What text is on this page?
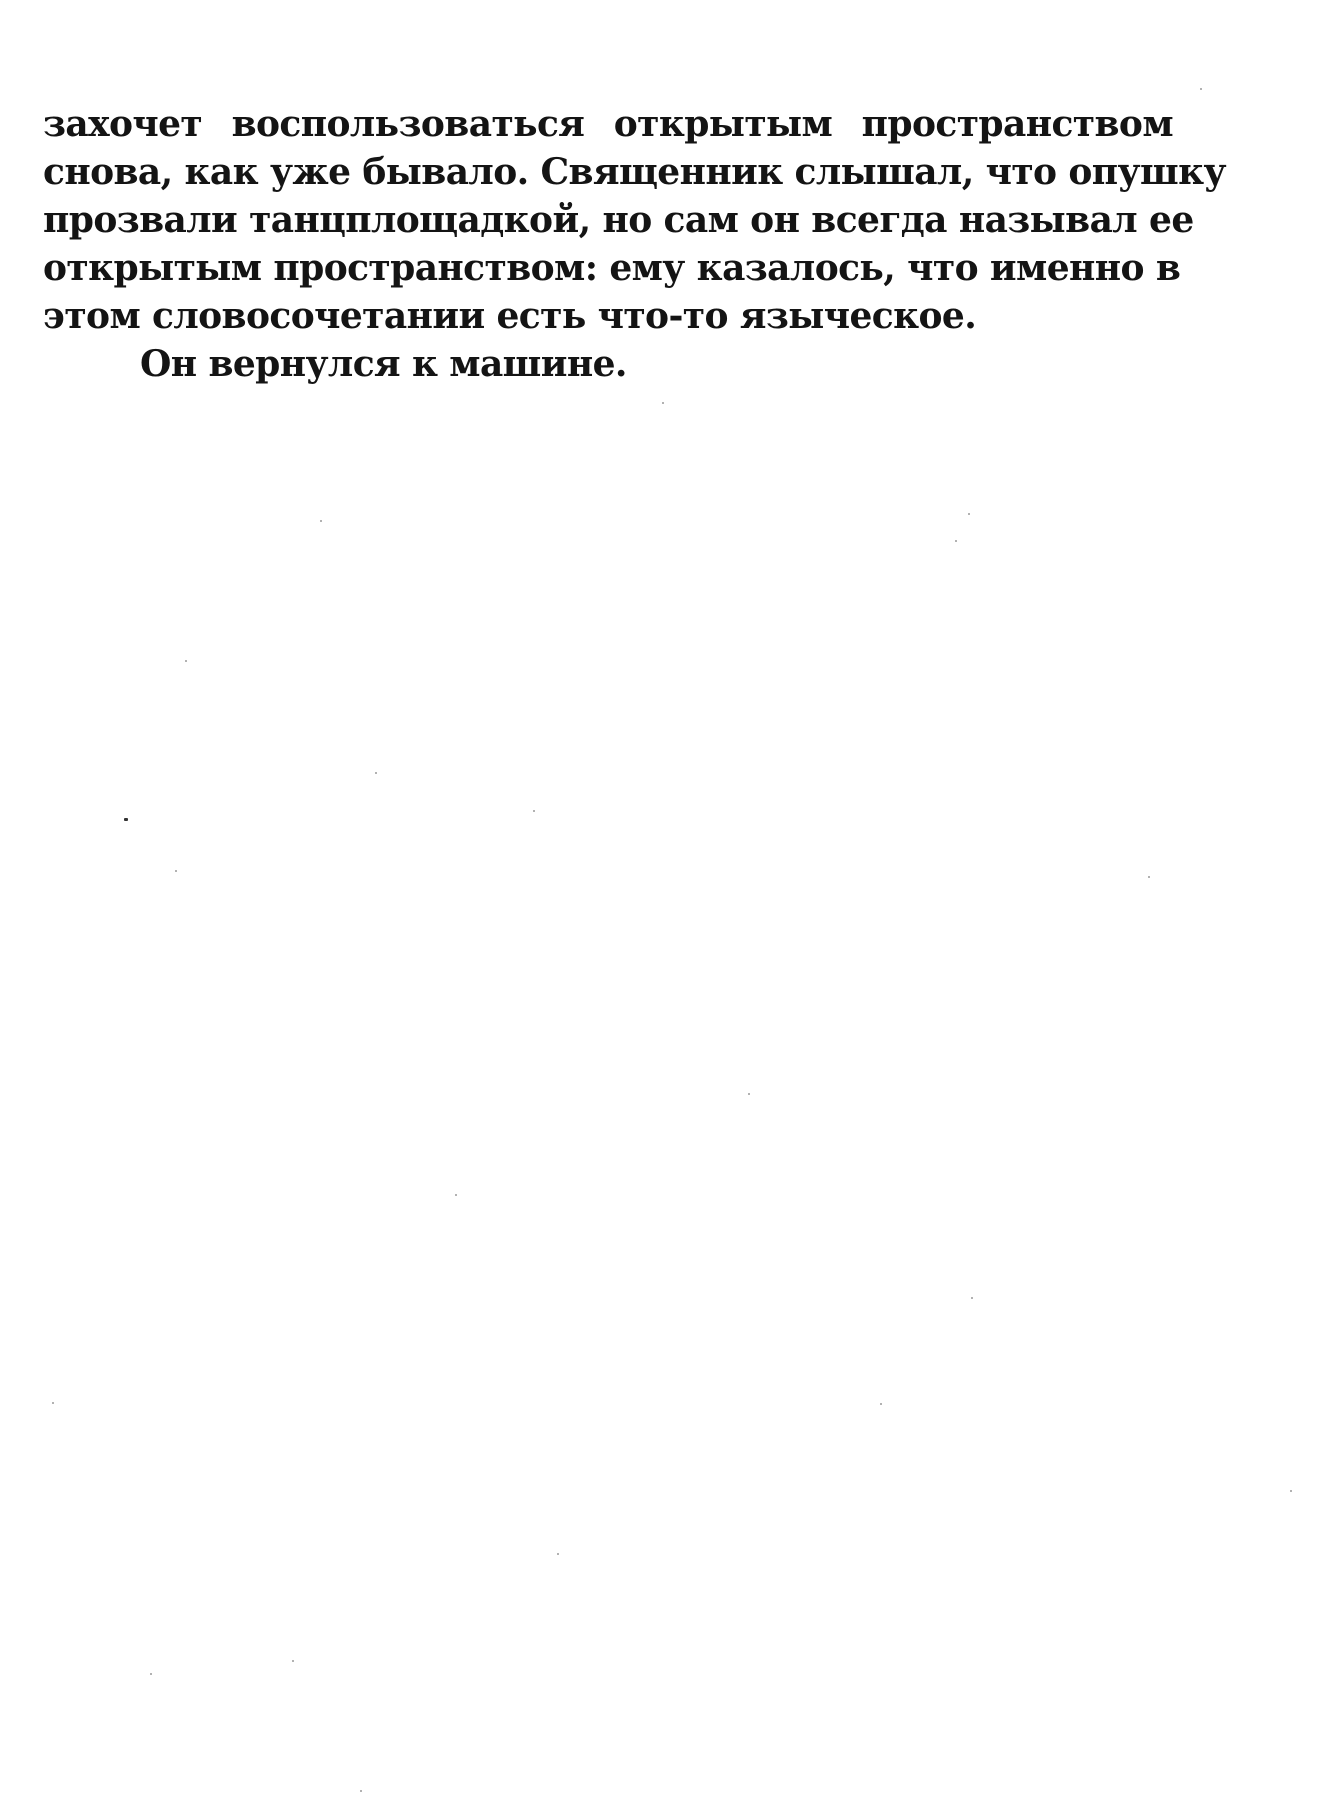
захочет воспользоваться открытым пространством
снова, как уже бывало. Священник слышал, что опушку
прозвали танцплощадкой, но сам он всегда называл ее
открытым пространством: ему казалось, что именно в
этом словосочетании есть что-то языческое.
Он вернулся к машине.
